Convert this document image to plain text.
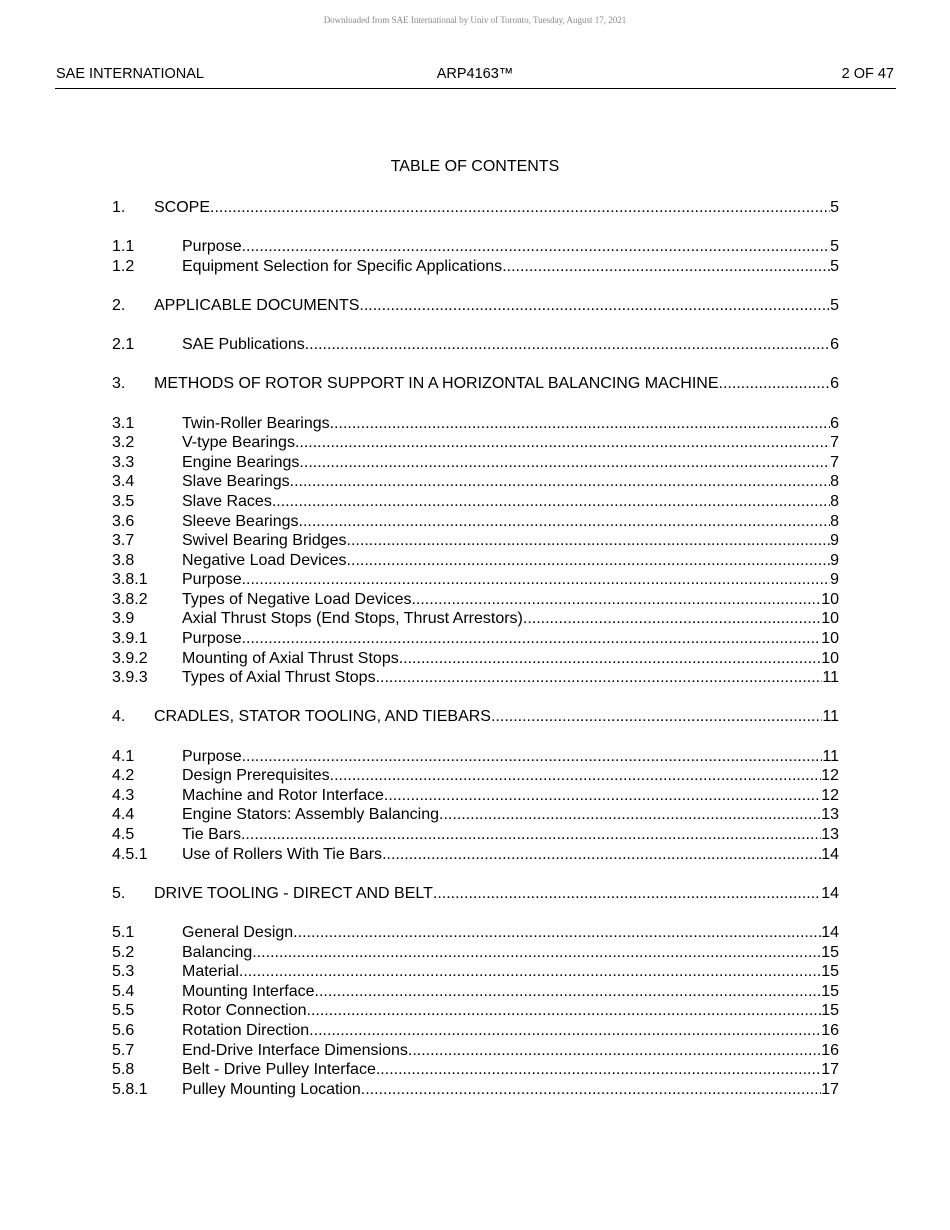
Downloaded from SAE International by Univ of Toronto, Tuesday, August 17, 2021
SAE INTERNATIONAL	ARP4163™	2 OF 47
TABLE OF CONTENTS
1. SCOPE .....	5
1.1	Purpose .....	5
1.2	Equipment Selection for Specific Applications .....	5
2. APPLICABLE DOCUMENTS .....	5
2.1	SAE Publications .....	6
3. METHODS OF ROTOR SUPPORT IN A HORIZONTAL BALANCING MACHINE .....	6
3.1	Twin-Roller Bearings .....	6
3.2	V-type Bearings .....	7
3.3	Engine Bearings .....	7
3.4	Slave Bearings .....	8
3.5	Slave Races .....	8
3.6	Sleeve Bearings .....	8
3.7	Swivel Bearing Bridges .....	9
3.8	Negative Load Devices .....	9
3.8.1 Purpose .....	9
3.8.2 Types of Negative Load Devices .....	10
3.9	Axial Thrust Stops (End Stops, Thrust Arrestors) .....	10
3.9.1 Purpose .....	10
3.9.2 Mounting of Axial Thrust Stops .....	10
3.9.3 Types of Axial Thrust Stops .....	11
4. CRADLES, STATOR TOOLING, AND TIEBARS .....	11
4.1	Purpose .....	11
4.2	Design Prerequisites .....	12
4.3	Machine and Rotor Interface .....	12
4.4	Engine Stators: Assembly Balancing .....	13
4.5	Tie Bars .....	13
4.5.1 Use of Rollers With Tie Bars .....	14
5. DRIVE TOOLING - DIRECT AND BELT .....	14
5.1	General Design .....	14
5.2	Balancing .....	15
5.3	Material .....	15
5.4	Mounting Interface .....	15
5.5	Rotor Connection .....	15
5.6	Rotation Direction .....	16
5.7	End-Drive Interface Dimensions .....	16
5.8	Belt - Drive Pulley Interface .....	17
5.8.1 Pulley Mounting Location .....	17
